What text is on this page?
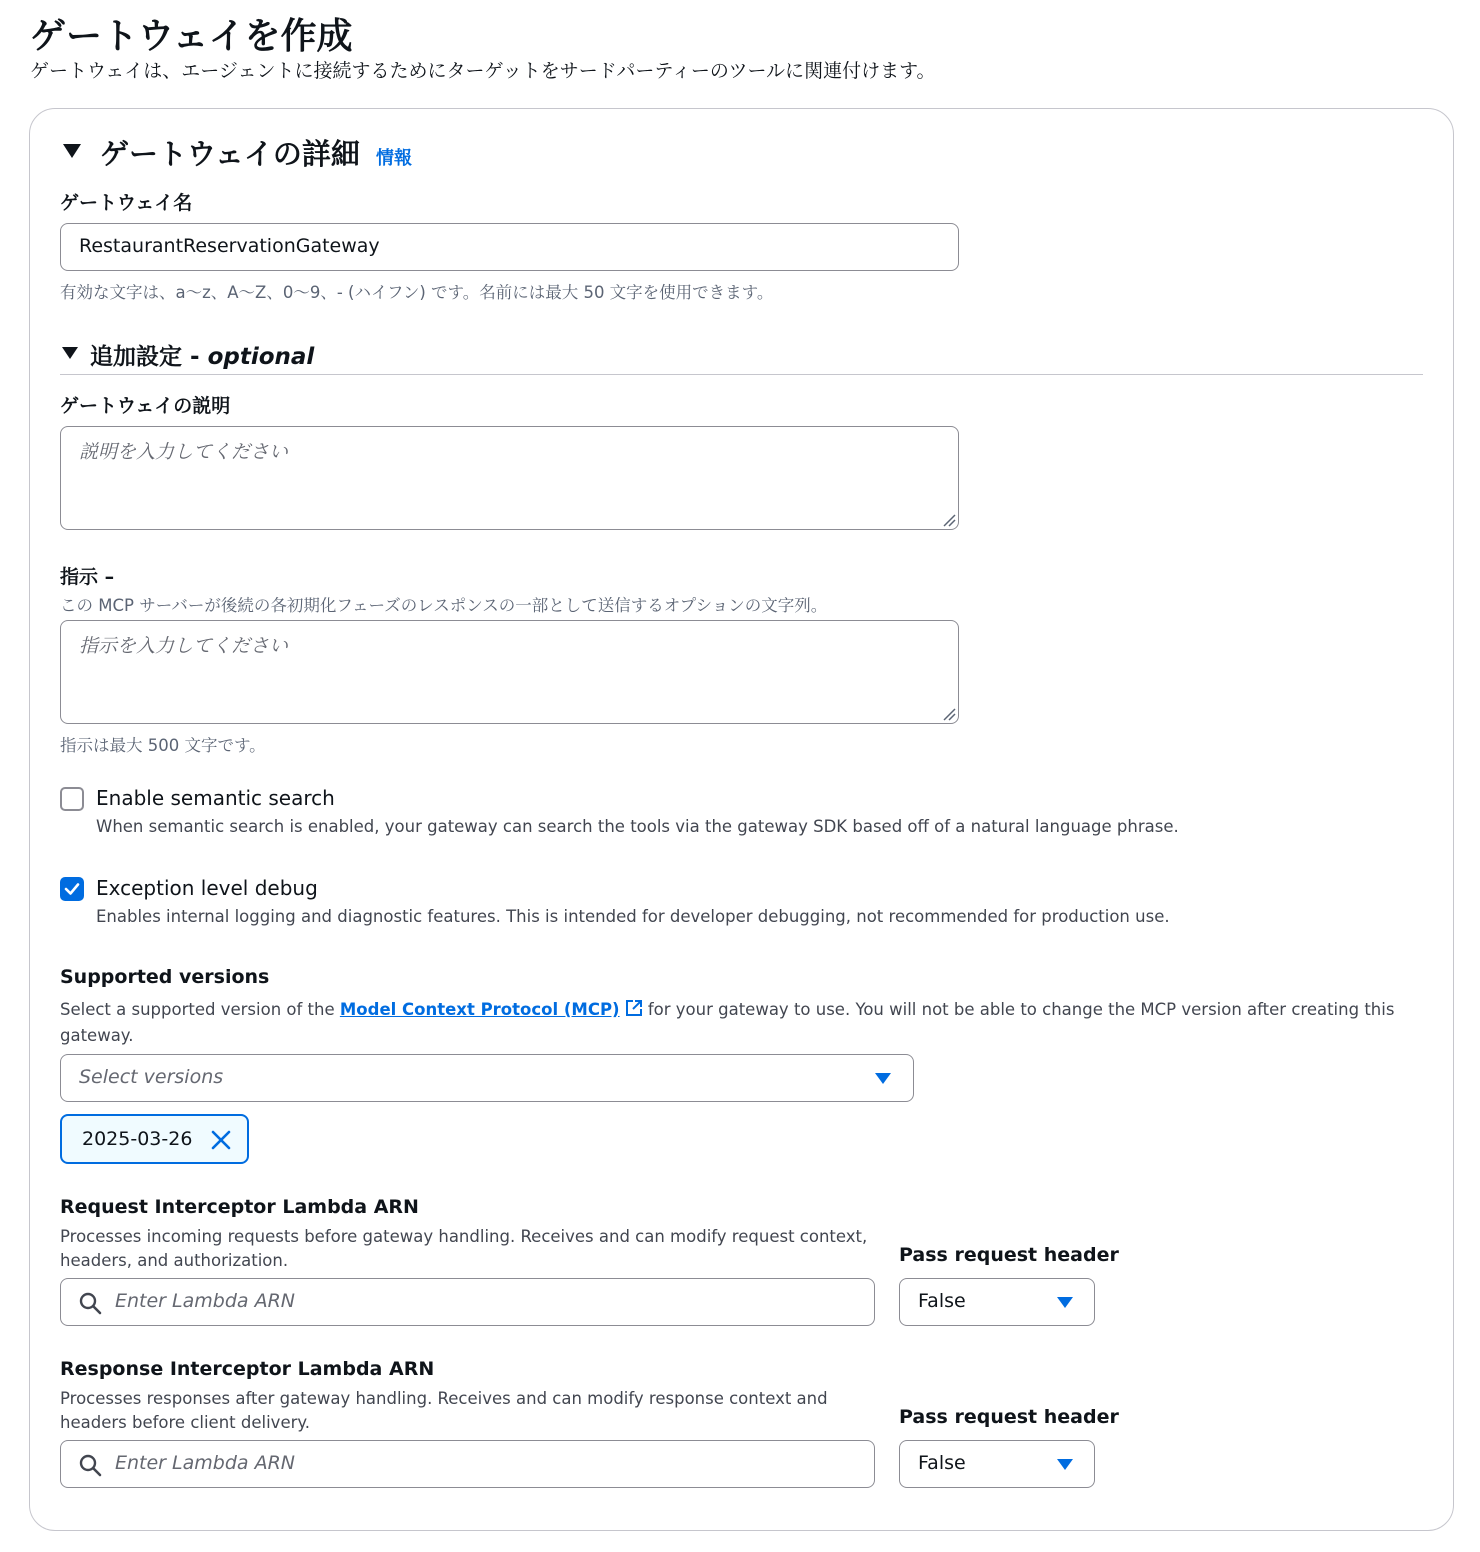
ゲートウェイを作成
ゲートウェイは、エージェントに接続するためにターゲットをサードパーティーのツールに関連付けます。
ゲートウェイの詳細 情報
ゲートウェイ名
RestaurantReservationGateway
有効な文字は、a〜z、A〜Z、0〜9、- (ハイフン) です。名前には最大 50 文字を使用できます。
追加設定 - optional
ゲートウェイの説明
説明を入力してください
指示 –
この MCP サーバーが後続の各初期化フェーズのレスポンスの一部として送信するオプションの文字列。
指示を入力してください
指示は最大 500 文字です。
Enable semantic search
When semantic search is enabled, your gateway can search the tools via the gateway SDK based off of a natural language phrase.
Exception level debug
Enables internal logging and diagnostic features. This is intended for developer debugging, not recommended for production use.
Supported versions
Select a supported version of the Model Context Protocol (MCP) for your gateway to use. You will not be able to change the MCP version after creating this
gateway.
Select versions
2025-03-26
Request Interceptor Lambda ARN
Processes incoming requests before gateway handling. Receives and can modify request context,
headers, and authorization.
Enter Lambda ARN
Pass request header
False
Response Interceptor Lambda ARN
Processes responses after gateway handling. Receives and can modify response context and
headers before client delivery.
Enter Lambda ARN
Pass request header
False
